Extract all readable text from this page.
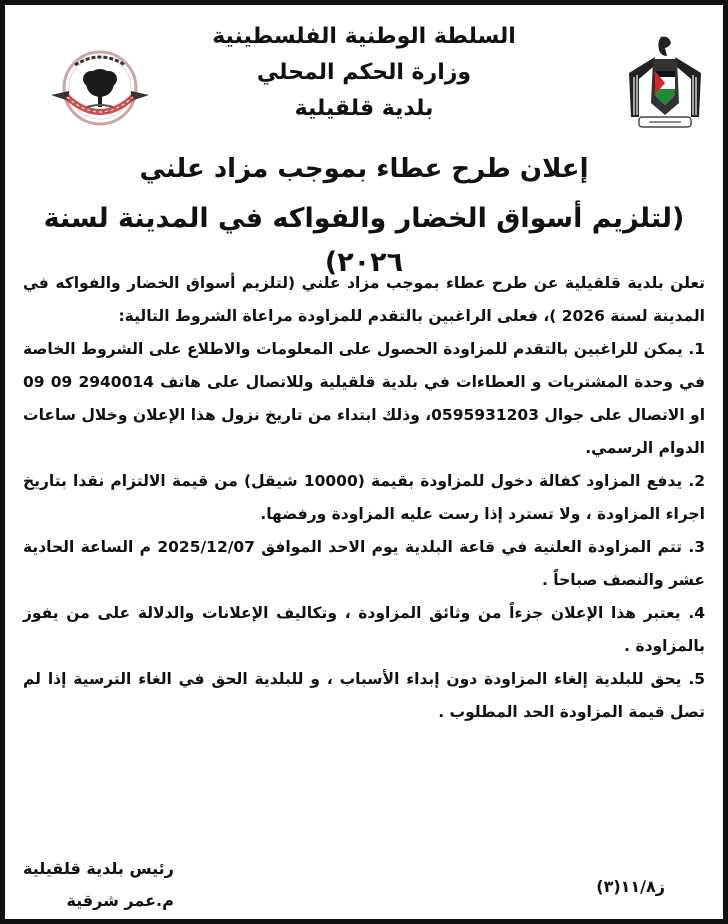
السلطة الوطنية الفلسطينية
وزارة الحكم المحلي
بلدية قلقيلية
إعلان طرح عطاء بموجب مزاد علني
(لتلزيم أسواق الخضار والفواكه في المدينة لسنة ٢٠٢٦)

تعلن بلدية قلقيلية عن طرح عطاء بموجب مزاد علني (لتلزيم أسواق الخضار والفواكه في المدينة لسنة 2026 )، فعلى الراغبين بالتقدم للمزاودة مراعاة الشروط التالية:

1. يمكن للراغبين بالتقدم للمزاودة الحصول على المعلومات والاطلاع على الشروط الخاصة في وحدة المشتريات و العطاءات في بلدية قلقيلية وللاتصال على هاتف 2940014 09 09 او الاتصال على جوال 0595931203، وذلك ابتداء من تاريخ نزول هذا الإعلان وخلال ساعات الدوام الرسمي.

2. يدفع المزاود كفالة دخول للمزاودة بقيمة (10000 شيقل) من قيمة الالتزام نقدا بتاريخ اجراء المزاودة ، ولا تسترد إذا رست عليه المزاودة ورفضها.

3. تتم المزاودة العلنية في قاعة البلدية يوم الاحد الموافق 2025/12/07 م الساعة الحادية عشر والنصف صباحاً .

4. يعتبر هذا الإعلان جزءاً من وثائق المزاودة ، وتكاليف الإعلانات والدلالة على من يفوز بالمزاودة .

5. يحق للبلدية إلغاء المزاودة دون إبداء الأسباب ، و للبلدية الحق في الغاء الترسية إذا لم تصل قيمة المزاودة الحد المطلوب .

ز۱۱/۸(۳)
رئيس بلدية قلقيلية
م.عمر شرقية
